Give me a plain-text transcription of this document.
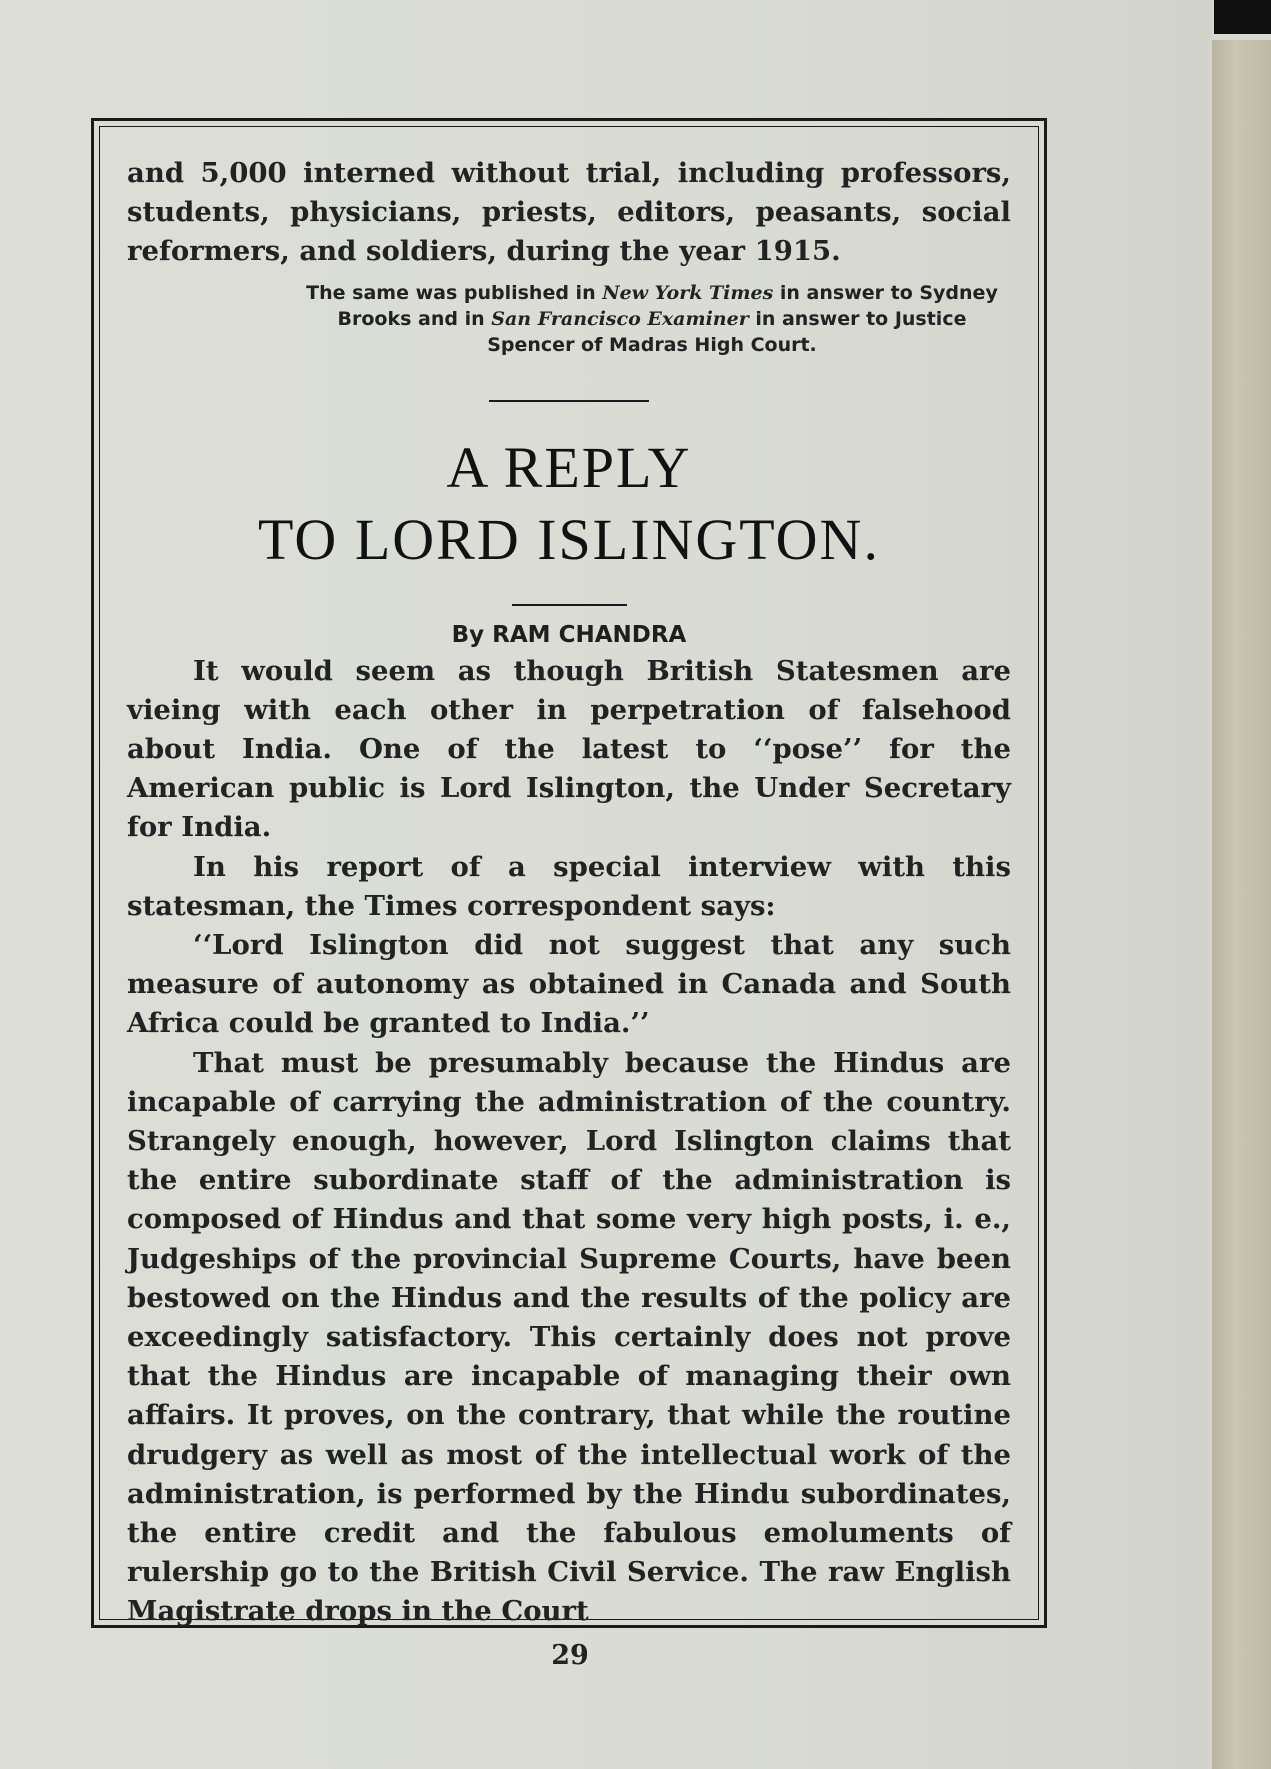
and 5,000 interned without trial, including professors, students, physicians, priests, editors, peasants, social reformers, and soldiers, during the year 1915.

The same was published in New York Times in answer to Sydney Brooks and in San Francisco Examiner in answer to Justice Spencer of Madras High Court.
A REPLY
TO LORD ISLINGTON.
By RAM CHANDRA

It would seem as though British Statesmen are vieing with each other in perpetration of falsehood about India. One of the latest to ‘‘pose’’ for the American public is Lord Islington, the Under Secretary for India.

In his report of a special interview with this statesman, the Times correspondent says:

‘‘Lord Islington did not suggest that any such measure of autonomy as obtained in Canada and South Africa could be granted to India.’’

That must be presumably because the Hindus are incapable of carrying the administration of the country. Strangely enough, however, Lord Islington claims that the entire subordinate staff of the administration is composed of Hindus and that some very high posts, i. e., Judgeships of the provincial Supreme Courts, have been bestowed on the Hindus and the results of the policy are exceedingly satisfactory. This certainly does not prove that the Hindus are incapable of managing their own affairs. It proves, on the contrary, that while the routine drudgery as well as most of the intellectual work of the administration, is performed by the Hindu subordinates, the entire credit and the fabulous emoluments of rulership go to the British Civil Service. The raw English Magistrate drops in the Court

29
